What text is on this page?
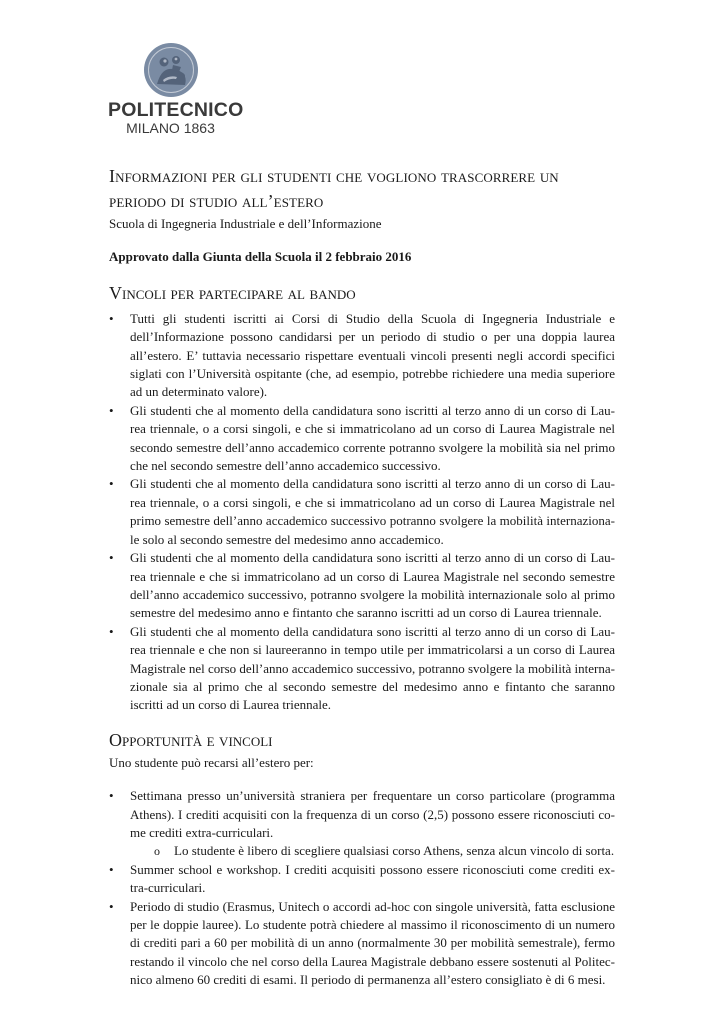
POLITECNICO
MILANO 1863
Informazioni per gli studenti che vogliono trascorrere un periodo di studio all’estero
Scuola di Ingegneria Industriale e dell’Informazione
Approvato dalla Giunta della Scuola il 2 febbraio 2016
Vincoli per partecipare al bando
•	Tutti gli studenti iscritti ai Corsi di Studio della Scuola di Ingegneria Industriale e dell’Informazione possono candidarsi per un periodo di studio o per una doppia laurea all’estero. E’ tuttavia necessario rispettare eventuali vincoli presenti negli accordi specifici siglati con l’Università ospitante (che, ad esempio, potrebbe richiedere una media superiore ad un determinato valore).
•	Gli studenti che al momento della candidatura sono iscritti al terzo anno di un corso di Laurea triennale, o a corsi singoli, e che si immatricolano ad un corso di Laurea Magistrale nel secondo semestre dell’anno accademico corrente potranno svolgere la mobilità sia nel primo che nel secondo semestre dell’anno accademico successivo.
•	Gli studenti che al momento della candidatura sono iscritti al terzo anno di un corso di Laurea triennale, o a corsi singoli, e che si immatricolano ad un corso di Laurea Magistrale nel primo semestre dell’anno accademico successivo potranno svolgere la mobilità internazionale solo al secondo semestre del medesimo anno accademico.
•	Gli studenti che al momento della candidatura sono iscritti al terzo anno di un corso di Laurea triennale e che si immatricolano ad un corso di Laurea Magistrale nel secondo semestre dell’anno accademico successivo, potranno svolgere la mobilità internazionale solo al primo semestre del medesimo anno e fintanto che saranno iscritti ad un corso di Laurea triennale.
•	Gli studenti che al momento della candidatura sono iscritti al terzo anno di un corso di Laurea triennale e che non si laureeranno in tempo utile per immatricolarsi a un corso di Laurea Magistrale nel corso dell’anno accademico successivo, potranno svolgere la mobilità internazionale sia al primo che al secondo semestre del medesimo anno e fintanto che saranno iscritti ad un corso di Laurea triennale.
Opportunità e vincoli
Uno studente può recarsi all’estero per:
•	Settimana presso un’università straniera per frequentare un corso particolare (programma Athens). I crediti acquisiti con la frequenza di un corso (2,5) possono essere riconosciuti come crediti extra-curriculari.
o Lo studente è libero di scegliere qualsiasi corso Athens, senza alcun vincolo di sorta.
•	Summer school e workshop. I crediti acquisiti possono essere riconosciuti come crediti extra-curriculari.
•	Periodo di studio (Erasmus, Unitech o accordi ad-hoc con singole università, fatta esclusione per le doppie lauree). Lo studente potrà chiedere al massimo il riconoscimento di un numero di crediti pari a 60 per mobilità di un anno (normalmente 30 per mobilità semestrale), fermo restando il vincolo che nel corso della Laurea Magistrale debbano essere sostenuti al Politecnico almeno 60 crediti di esami. Il periodo di permanenza all’estero consigliato è di 6 mesi.
